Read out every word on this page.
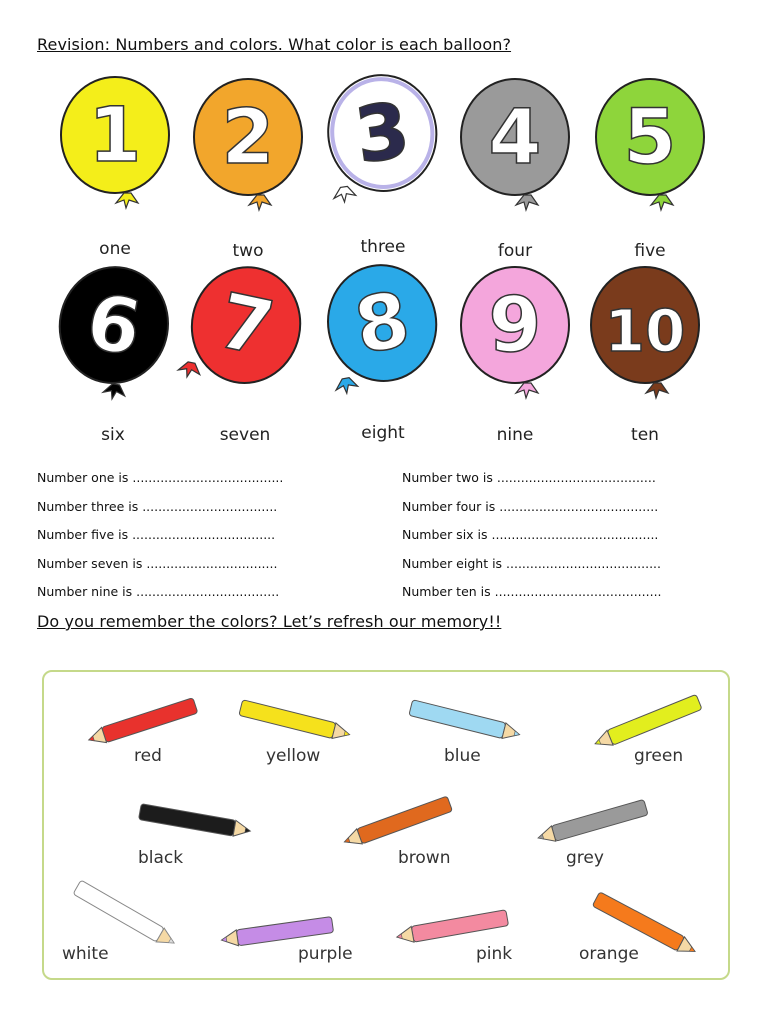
Revision: Numbers and colors. What color is each balloon?
1
one
2
two
3
three
4
four
5
five
6
six
7
seven
8
eight
9
nine
10
ten
Number one is ......................................
Number three is ..................................
Number five is ....................................
Number seven is .................................
Number nine is ....................................
Number two is ........................................
Number four is ........................................
Number six is ..........................................
Number eight is .......................................
Number ten is ..........................................
Do you remember the colors? Let’s refresh our memory!!
red	yellow	blue	green
black	brown	grey
white	purple	pink	orange
